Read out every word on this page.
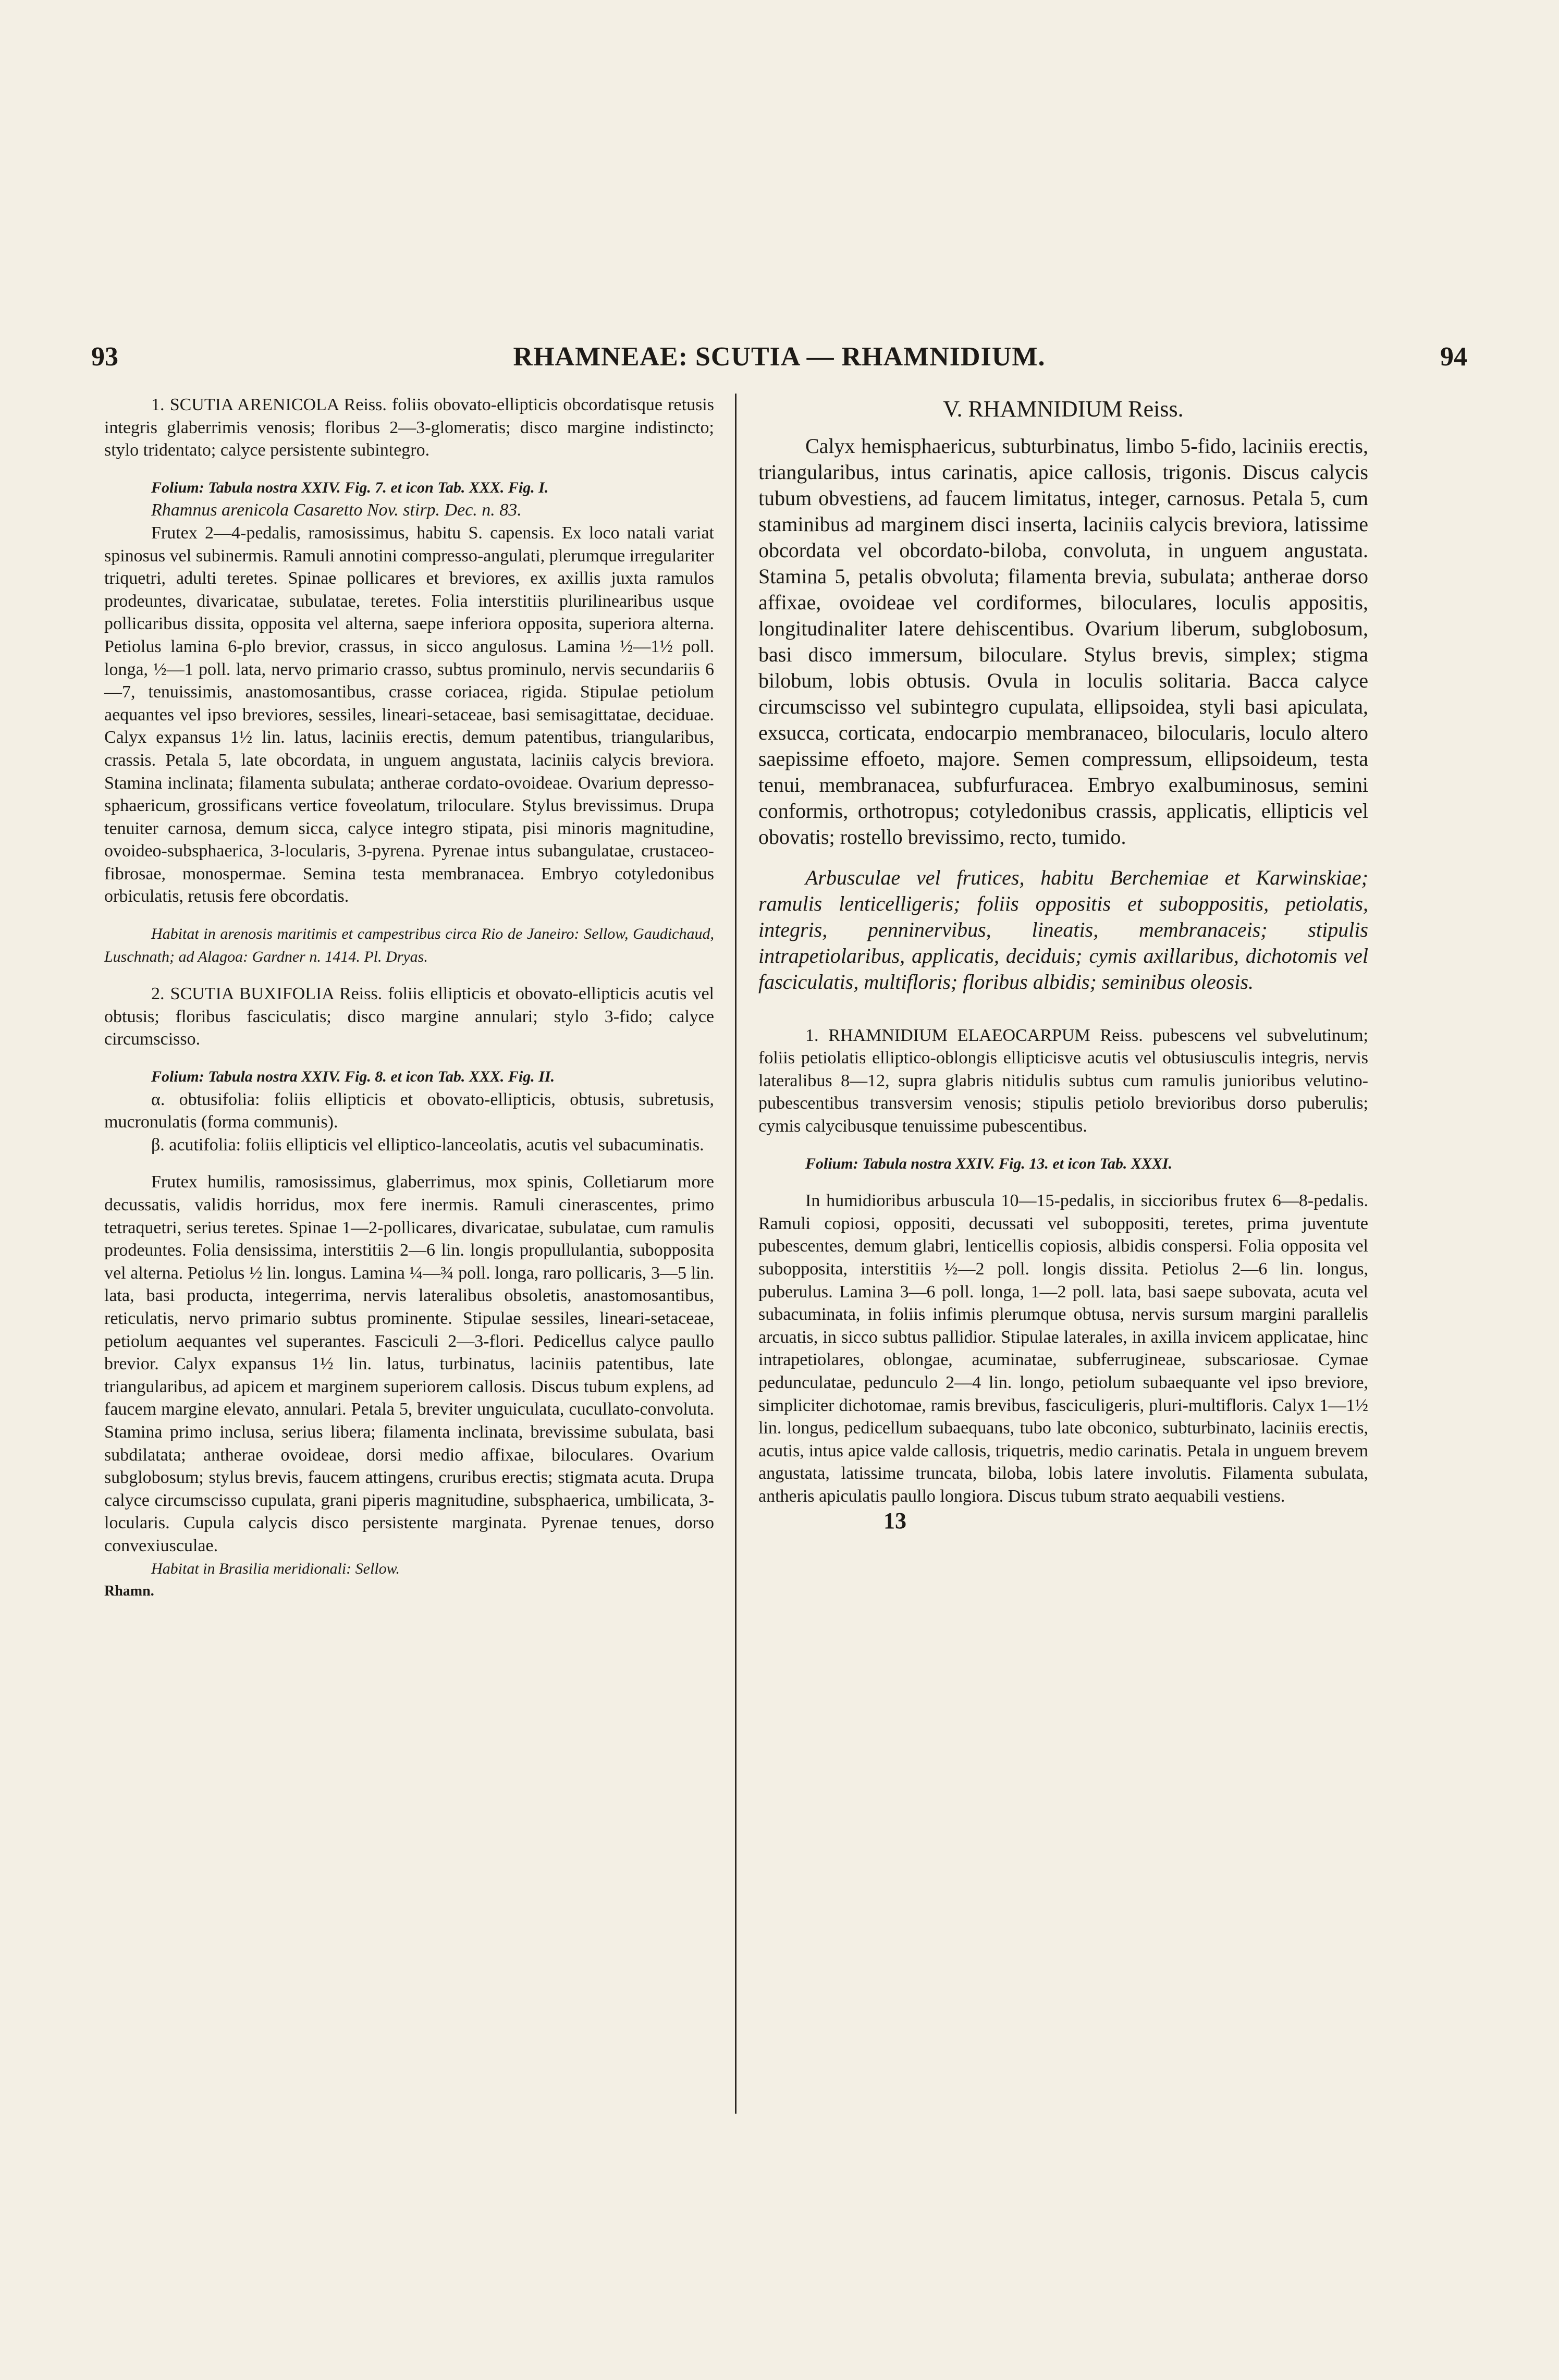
93	RHAMNEAE: SCUTIA — RHAMNIDIUM.	94

1. SCUTIA ARENICOLA Reiss. foliis obovato-ellipticis obcordatisque retusis integris glaberrimis venosis; floribus 2—3-glomeratis; disco margine indistincto; stylo tridentato; calyce persistente subintegro.

Folium: Tabula nostra XXIV. Fig. 7. et icon Tab. XXX. Fig. I.

Rhamnus arenicola Casaretto Nov. stirp. Dec. n. 83.

Frutex 2—4-pedalis, ramosissimus, habitu S. capensis. Ex loco natali variat spinosus vel subinermis. Ramuli annotini compresso-angulati, plerumque irregulariter triquetri, adulti teretes. Spinae pollicares et breviores, ex axillis juxta ramulos prodeuntes, divaricatae, subulatae, teretes. Folia interstitiis plurilinearibus usque pollicaribus dissita, opposita vel alterna, saepe inferiora opposita, superiora alterna. Petiolus lamina 6-plo brevior, crassus, in sicco angulosus. Lamina ½—1½ poll. longa, ½—1 poll. lata, nervo primario crasso, subtus prominulo, nervis secundariis 6—7, tenuissimis, anastomosantibus, crasse coriacea, rigida. Stipulae petiolum aequantes vel ipso breviores, sessiles, lineari-setaceae, basi semisagittatae, deciduae. Calyx expansus 1½ lin. latus, laciniis erectis, demum patentibus, triangularibus, crassis. Petala 5, late obcordata, in unguem angustata, laciniis calycis breviora. Stamina inclinata; filamenta subulata; antherae cordato-ovoideae. Ovarium depresso-sphaericum, grossificans vertice foveolatum, triloculare. Stylus brevissimus. Drupa tenuiter carnosa, demum sicca, calyce integro stipata, pisi minoris magnitudine, ovoideo-subsphaerica, 3-locularis, 3-pyrena. Pyrenae intus subangulatae, crustaceo-fibrosae, monospermae. Semina testa membranacea. Embryo cotyledonibus orbiculatis, retusis fere obcordatis.

Habitat in arenosis maritimis et campestribus circa Rio de Janeiro: Sellow, Gaudichaud, Luschnath; ad Alagoa: Gardner n. 1414. Pl. Dryas.

2. SCUTIA BUXIFOLIA Reiss. foliis ellipticis et obovato-ellipticis acutis vel obtusis; floribus fasciculatis; disco margine annulari; stylo 3-fido; calyce circumscisso.

Folium: Tabula nostra XXIV. Fig. 8. et icon Tab. XXX. Fig. II.

α. obtusifolia: foliis ellipticis et obovato-ellipticis, obtusis, subretusis, mucronulatis (forma communis).

β. acutifolia: foliis ellipticis vel elliptico-lanceolatis, acutis vel subacuminatis.

Frutex humilis, ramosissimus, glaberrimus, mox spinis, Colletiarum more decussatis, validis horridus, mox fere inermis. Ramuli cinerascentes, primo tetraquetri, serius teretes. Spinae 1—2-pollicares, divaricatae, subulatae, cum ramulis prodeuntes. Folia densissima, interstitiis 2—6 lin. longis propullulantia, subopposita vel alterna. Petiolus ½ lin. longus. Lamina ¼—¾ poll. longa, raro pollicaris, 3—5 lin. lata, basi producta, integerrima, nervis lateralibus obsoletis, anastomosantibus, reticulatis, nervo primario subtus prominente. Stipulae sessiles, lineari-setaceae, petiolum aequantes vel superantes. Fasciculi 2—3-flori. Pedicellus calyce paullo brevior. Calyx expansus 1½ lin. latus, turbinatus, laciniis patentibus, late triangularibus, ad apicem et marginem superiorem callosis. Discus tubum explens, ad faucem margine elevato, annulari. Petala 5, breviter unguiculata, cucullato-convoluta. Stamina primo inclusa, serius libera; filamenta inclinata, brevissime subulata, basi subdilatata; antherae ovoideae, dorsi medio affixae, biloculares. Ovarium subglobosum; stylus brevis, faucem attingens, cruribus erectis; stigmata acuta. Drupa calyce circumscisso cupulata, grani piperis magnitudine, subsphaerica, umbilicata, 3-locularis. Cupula calycis disco persistente marginata. Pyrenae tenues, dorso convexiusculae.

Habitat in Brasilia meridionali: Sellow.

Rhamn.

V. RHAMNIDIUM Reiss.

Calyx hemisphaericus, subturbinatus, limbo 5-fido, laciniis erectis, triangularibus, intus carinatis, apice callosis, trigonis. Discus calycis tubum obvestiens, ad faucem limitatus, integer, carnosus. Petala 5, cum staminibus ad marginem disci inserta, laciniis calycis breviora, latissime obcordata vel obcordato-biloba, convoluta, in unguem angustata. Stamina 5, petalis obvoluta; filamenta brevia, subulata; antherae dorso affixae, ovoideae vel cordiformes, biloculares, loculis appositis, longitudinaliter latere dehiscentibus. Ovarium liberum, subglobosum, basi disco immersum, biloculare. Stylus brevis, simplex; stigma bilobum, lobis obtusis. Ovula in loculis solitaria. Bacca calyce circumscisso vel subintegro cupulata, ellipsoidea, styli basi apiculata, exsucca, corticata, endocarpio membranaceo, bilocularis, loculo altero saepissime effoeto, majore. Semen compressum, ellipsoideum, testa tenui, membranacea, subfurfuracea. Embryo exalbuminosus, semini conformis, orthotropus; cotyledonibus crassis, applicatis, ellipticis vel obovatis; rostello brevissimo, recto, tumido.

Arbusculae vel frutices, habitu Berchemiae et Karwinskiae; ramulis lenticelligeris; foliis oppositis et suboppositis, petiolatis, integris, penninervibus, lineatis, membranaceis; stipulis intrapetiolaribus, applicatis, deciduis; cymis axillaribus, dichotomis vel fasciculatis, multifloris; floribus albidis; seminibus oleosis.

1. RHAMNIDIUM ELAEOCARPUM Reiss. pubescens vel subvelutinum; foliis petiolatis elliptico-oblongis ellipticisve acutis vel obtusiusculis integris, nervis lateralibus 8—12, supra glabris nitidulis subtus cum ramulis junioribus velutino-pubescentibus transversim venosis; stipulis petiolo brevioribus dorso puberulis; cymis calycibusque tenuissime pubescentibus.

Folium: Tabula nostra XXIV. Fig. 13. et icon Tab. XXXI.

In humidioribus arbuscula 10—15-pedalis, in siccioribus frutex 6—8-pedalis. Ramuli copiosi, oppositi, decussati vel suboppositi, teretes, prima juventute pubescentes, demum glabri, lenticellis copiosis, albidis conspersi. Folia opposita vel subopposita, interstitiis ½—2 poll. longis dissita. Petiolus 2—6 lin. longus, puberulus. Lamina 3—6 poll. longa, 1—2 poll. lata, basi saepe subovata, acuta vel subacuminata, in foliis infimis plerumque obtusa, nervis sursum margini parallelis arcuatis, in sicco subtus pallidior. Stipulae laterales, in axilla invicem applicatae, hinc intrapetiolares, oblongae, acuminatae, subferrugineae, subscariosae. Cymae pedunculatae, pedunculo 2—4 lin. longo, petiolum subaequante vel ipso breviore, simpliciter dichotomae, ramis brevibus, fasciculigeris, pluri-multifloris. Calyx 1—1½ lin. longus, pedicellum subaequans, tubo late obconico, subturbinato, laciniis erectis, acutis, intus apice valde callosis, triquetris, medio carinatis. Petala in unguem brevem angustata, latissime truncata, biloba, lobis latere involutis. Filamenta subulata, antheris apiculatis paullo longiora. Discus tubum strato aequabili vestiens.

13
